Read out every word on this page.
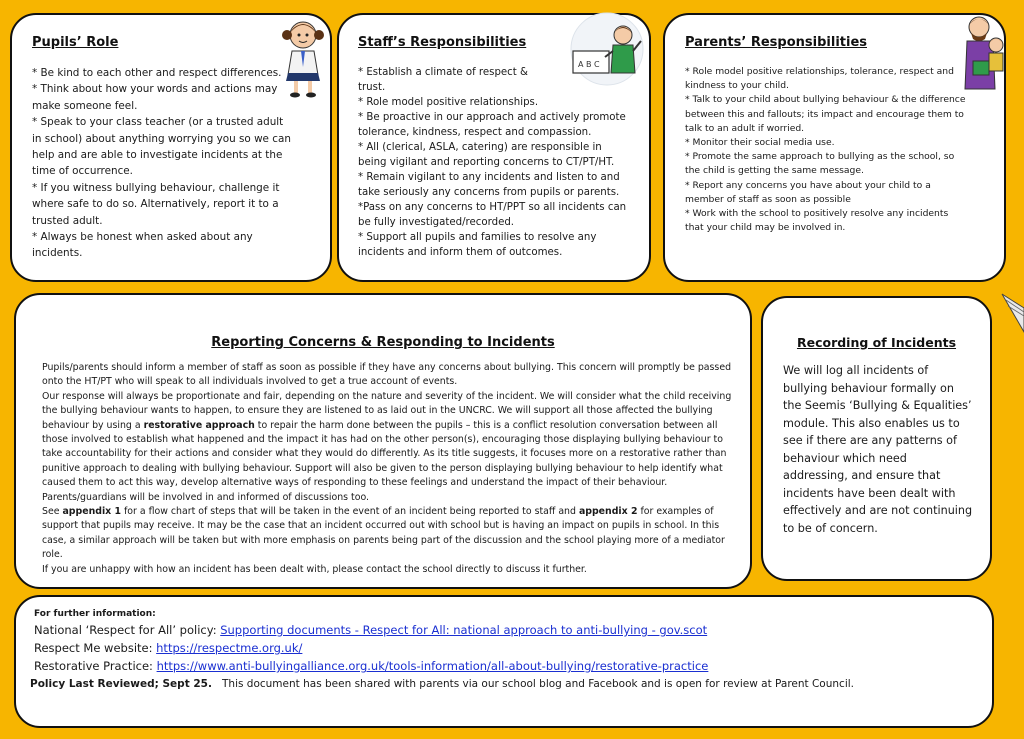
Pupils’ Role
* Be kind to each other and respect differences.
* Think about how your words and actions may make someone feel.
* Speak to your class teacher (or a trusted adult in school) about anything worrying you so we can help and are able to investigate incidents at the time of occurrence.
* If you witness bullying behaviour, challenge it where safe to do so. Alternatively, report it to a trusted adult.
* Always be honest when asked about any incidents.
Staff’s Responsibilities
A B C
* Establish a climate of respect & trust.
* Role model positive relationships.
* Be proactive in our approach and actively promote tolerance, kindness, respect and compassion.
* All (clerical, ASLA, catering) are responsible in being vigilant and reporting concerns to CT/PT/HT.
* Remain vigilant to any incidents and listen to and take seriously any concerns from pupils or parents.
*Pass on any concerns to HT/PPT so all incidents can be fully investigated/recorded.
* Support all pupils and families to resolve any incidents and inform them of outcomes.
Parents’ Responsibilities
* Role model positive relationships, tolerance, respect and kindness to your child.
* Talk to your child about bullying behaviour & the difference between this and fallouts; its impact and encourage them to talk to an adult if worried.
* Monitor their social media use.
* Promote the same approach to bullying as the school, so the child is getting the same message.
* Report any concerns you have about your child to a member of staff as soon as possible
* Work with the school to positively resolve any incidents that your child may be involved in.
Reporting Concerns & Responding to Incidents

Pupils/parents should inform a member of staff as soon as possible if they have any concerns about bullying. This concern will promptly be passed onto the HT/PT who will speak to all individuals involved to get a true account of events.

Our response will always be proportionate and fair, depending on the nature and severity of the incident. We will consider what the child receiving the bullying behaviour wants to happen, to ensure they are listened to as laid out in the UNCRC. We will support all those affected the bullying behaviour by using a restorative approach to repair the harm done between the pupils – this is a conflict resolution conversation between all those involved to establish what happened and the impact it has had on the other person(s), encouraging those displaying bullying behaviour to take accountability for their actions and consider what they would do differently. As its title suggests, it focuses more on a restorative rather than punitive approach to dealing with bullying behaviour. Support will also be given to the person displaying bullying behaviour to help identify what caused them to act this way, develop alternative ways of responding to these feelings and understand the impact of their behaviour. Parents/guardians will be involved in and informed of discussions too.

See appendix 1 for a flow chart of steps that will be taken in the event of an incident being reported to staff and appendix 2 for examples of support that pupils may receive. It may be the case that an incident occurred out with school but is having an impact on pupils in school. In this case, a similar approach will be taken but with more emphasis on parents being part of the discussion and the school playing more of a mediator role.

If you are unhappy with how an incident has been dealt with, please contact the school directly to discuss it further.

Recording of Incidents
We will log all incidents of bullying behaviour formally on the Seemis ‘Bullying & Equalities’ module. This also enables us to see if there are any patterns of behaviour which need addressing, and ensure that incidents have been dealt with effectively and are not continuing to be of concern.
For further information:
National ‘Respect for All’ policy: Supporting documents - Respect for All: national approach to anti-bullying - gov.scot
Respect Me website: https://respectme.org.uk/
Restorative Practice: https://www.anti-bullyingalliance.org.uk/tools-information/all-about-bullying/restorative-practice
Policy Last Reviewed; Sept 25. This document has been shared with parents via our school blog and Facebook and is open for review at Parent Council.
